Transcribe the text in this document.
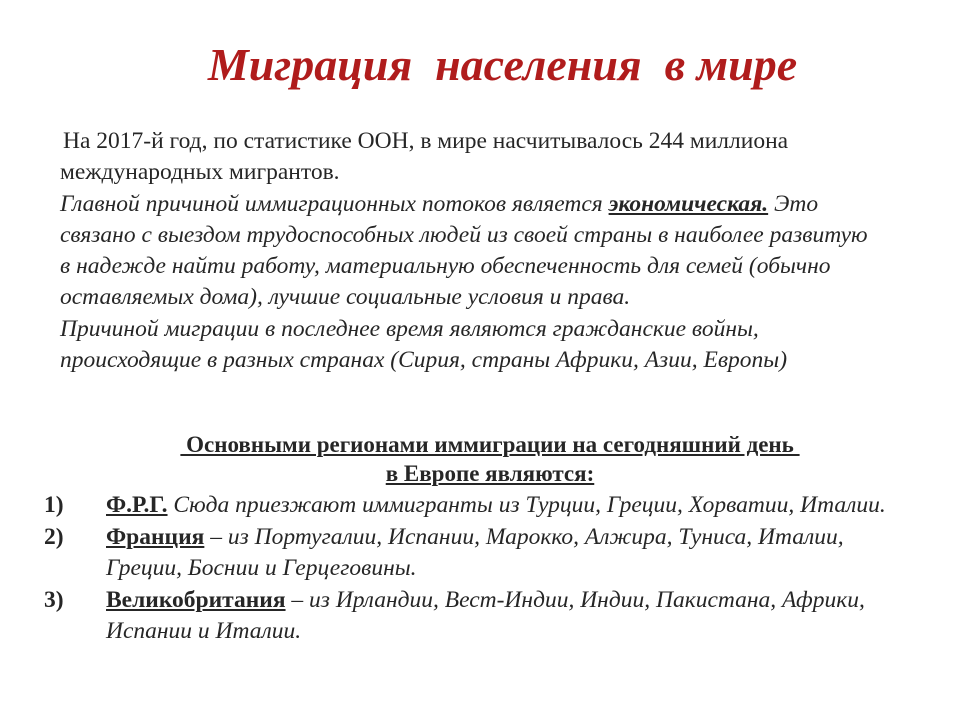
Миграция  населения  в мире

На 2017-й год, по статистике ООН, в мире насчитывалось 244 миллиона международных мигрантов.

Главной причиной иммиграционных потоков является экономическая. Это связано с выездом трудоспособных людей из своей страны в наиболее развитую в надежде найти работу, материальную обеспеченность для семей (обычно оставляемых дома), лучшие социальные условия и права.

Причиной миграции в последнее время являются гражданские войны, происходящие в разных странах (Сирия, страны Африки, Азии, Европы)

Основными регионами иммиграции на сегодняшний день
в Европе являются:
1) Ф.Р.Г. Сюда приезжают иммигранты из Турции, Греции, Хорватии, Италии.
2) Франция – из Португалии, Испании, Марокко, Алжира, Туниса, Италии, Греции, Боснии и Герцеговины.
3) Великобритания – из Ирландии, Вест-Индии, Индии, Пакистана, Африки, Испании и Италии.
